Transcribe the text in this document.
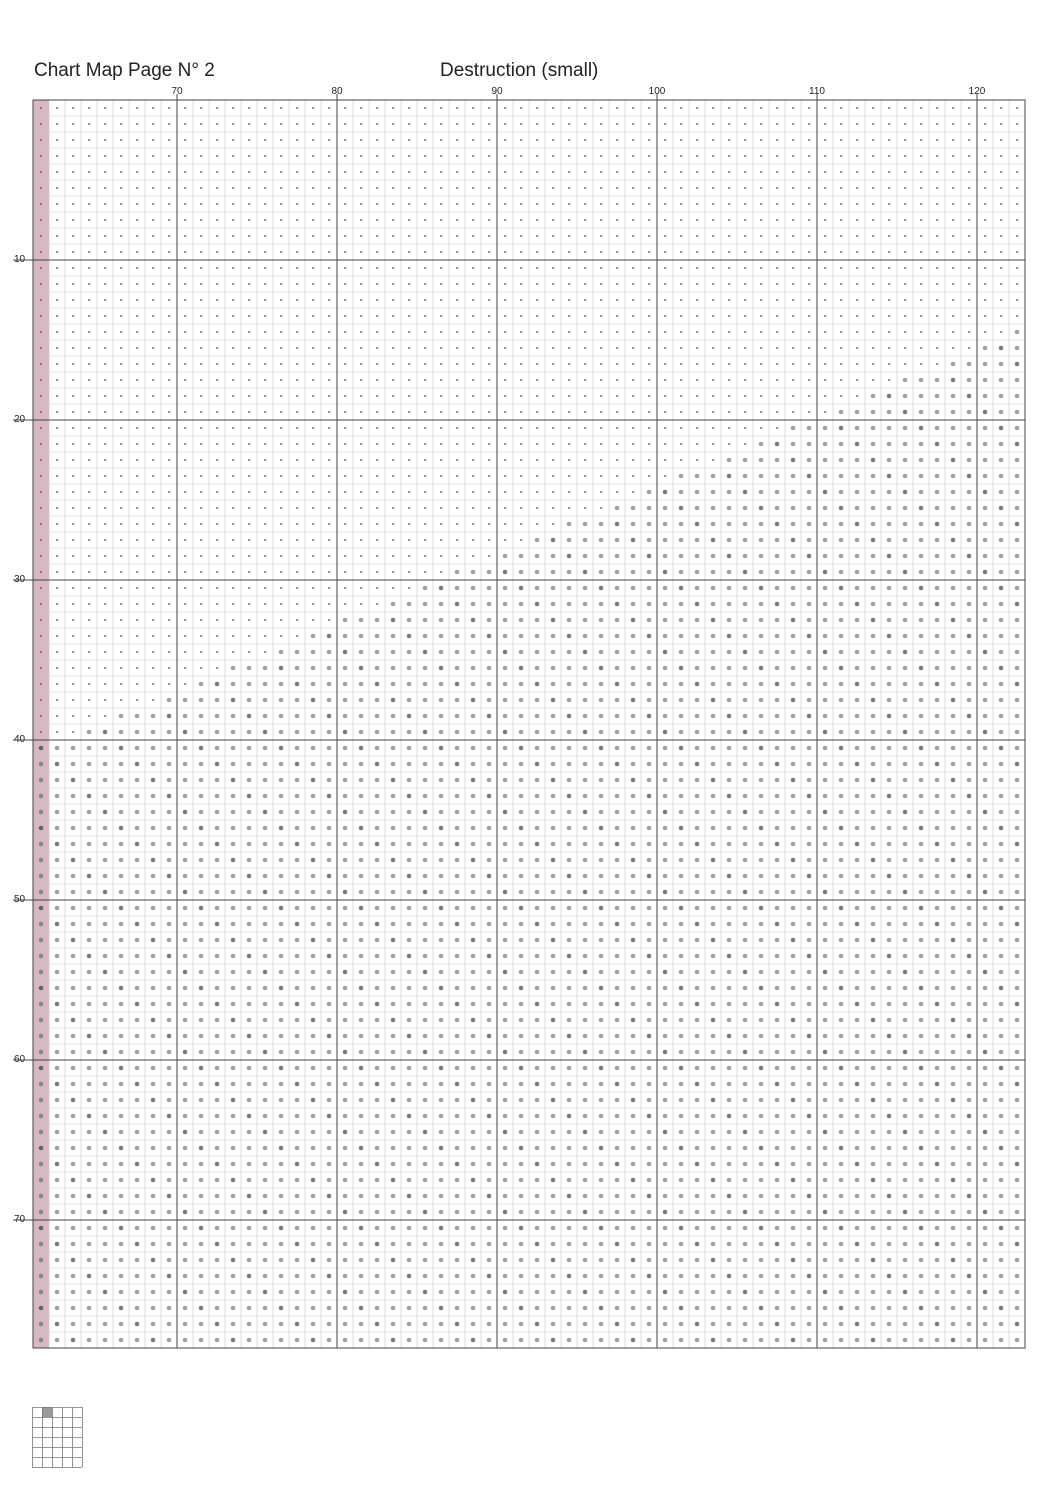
Chart Map Page N° 2	Destruction (small)
70	80	90	100	110	120
10
20
30
40
50
60
70
